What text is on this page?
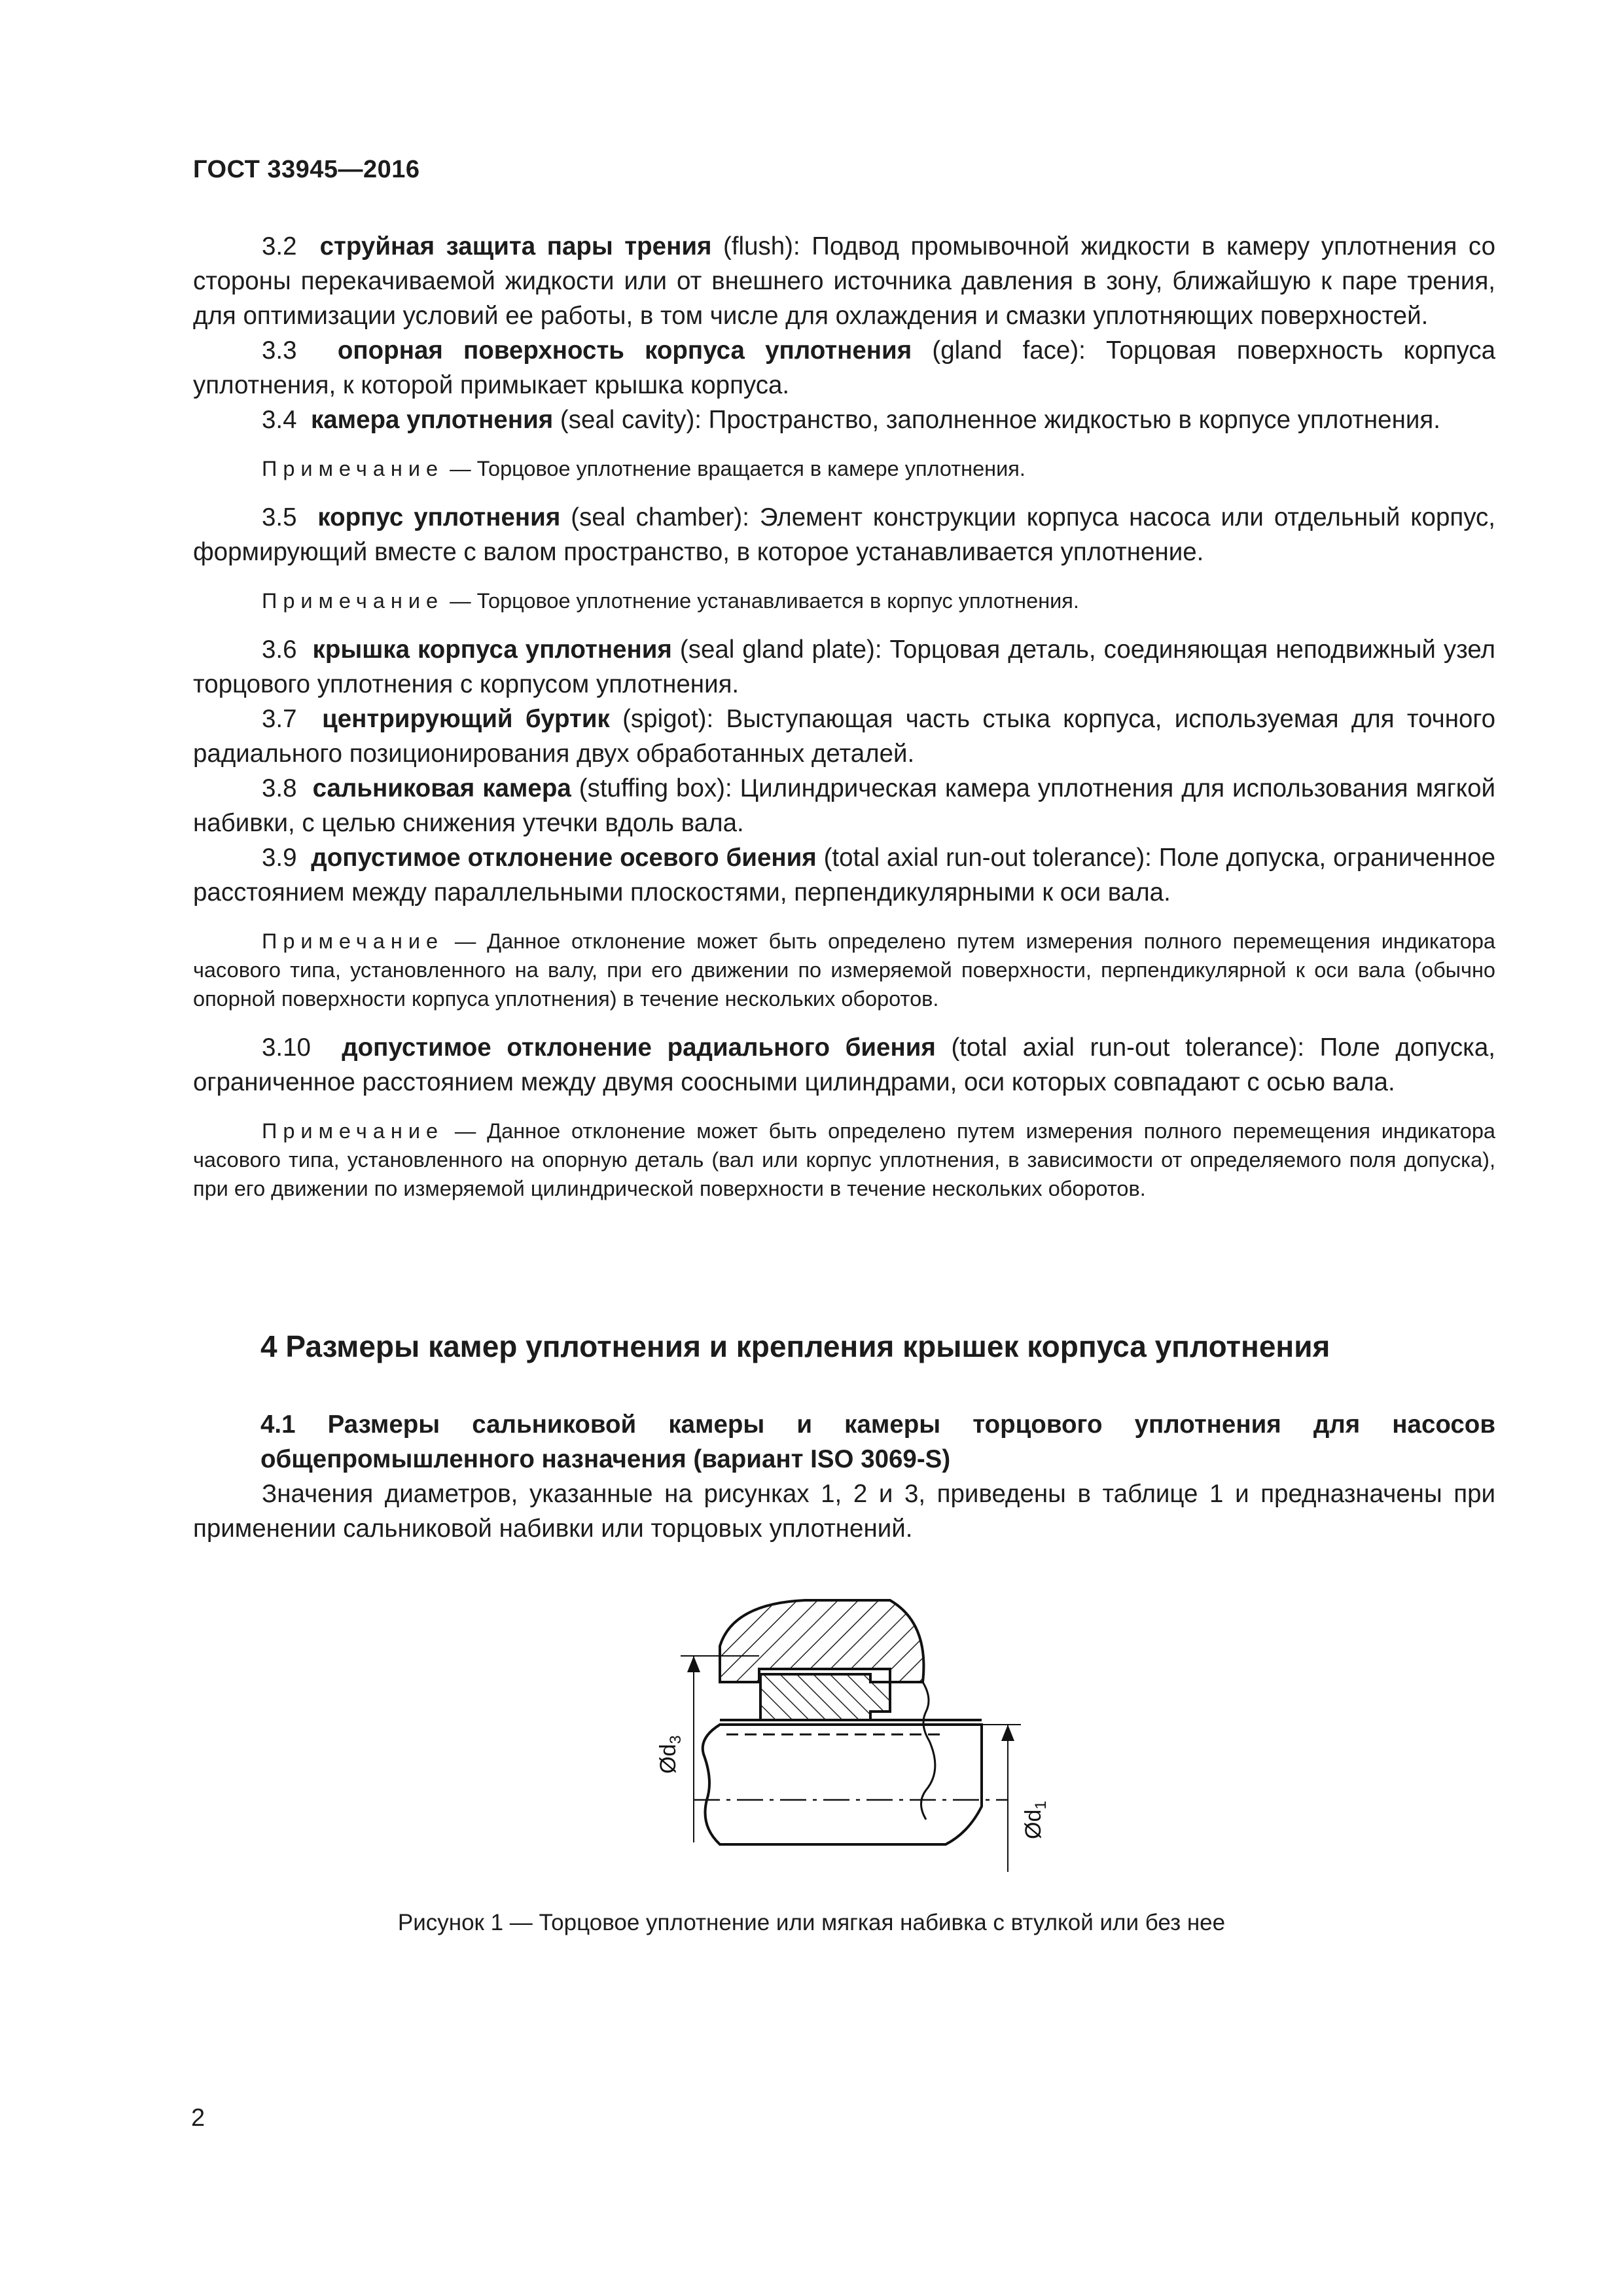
ГОСТ 33945—2016

3.2 струйная защита пары трения (flush): Подвод промывочной жидкости в камеру уплотнения со стороны перекачиваемой жидкости или от внешнего источника давления в зону, ближайшую к паре трения, для оптимизации условий ее работы, в том числе для охлаждения и смазки уплотняющих поверхностей.

3.3 опорная поверхность корпуса уплотнения (gland face): Торцовая поверхность корпуса уплотнения, к которой примыкает крышка корпуса.

3.4 камера уплотнения (seal cavity): Пространство, заполненное жидкостью в корпусе уплотнения.

Примечание — Торцовое уплотнение вращается в камере уплотнения.

3.5 корпус уплотнения (seal chamber): Элемент конструкции корпуса насоса или отдельный корпус, формирующий вместе с валом пространство, в которое устанавливается уплотнение.

Примечание — Торцовое уплотнение устанавливается в корпус уплотнения.

3.6 крышка корпуса уплотнения (seal gland plate): Торцовая деталь, соединяющая неподвижный узел торцового уплотнения с корпусом уплотнения.

3.7 центрирующий буртик (spigot): Выступающая часть стыка корпуса, используемая для точного радиального позиционирования двух обработанных деталей.

3.8 сальниковая камера (stuffing box): Цилиндрическая камера уплотнения для использования мягкой набивки, с целью снижения утечки вдоль вала.

3.9 допустимое отклонение осевого биения (total axial run-out tolerance): Поле допуска, ограниченное расстоянием между параллельными плоскостями, перпендикулярными к оси вала.

Примечание — Данное отклонение может быть определено путем измерения полного перемещения индикатора часового типа, установленного на валу, при его движении по измеряемой поверхности, перпендикулярной к оси вала (обычно опорной поверхности корпуса уплотнения) в течение нескольких оборотов.

3.10 допустимое отклонение радиального биения (total axial run-out tolerance): Поле допуска, ограниченное расстоянием между двумя соосными цилиндрами, оси которых совпадают с осью вала.

Примечание — Данное отклонение может быть определено путем измерения полного перемещения индикатора часового типа, установленного на опорную деталь (вал или корпус уплотнения, в зависимости от определяемого поля допуска), при его движении по измеряемой цилиндрической поверхности в течение нескольких оборотов.
4 Размеры камер уплотнения и крепления крышек корпуса уплотнения
4.1 Размеры сальниковой камеры и камеры торцового уплотнения для насосов
общепромышленного назначения (вариант ISO 3069-S)

Значения диаметров, указанные на рисунках 1, 2 и 3, приведены в таблице 1 и предназначены при применении сальниковой набивки или торцовых уплотнений.

$Ød_3$
$Ød_1$
Рисунок 1 — Торцовое уплотнение или мягкая набивка с втулкой или без нее
2
